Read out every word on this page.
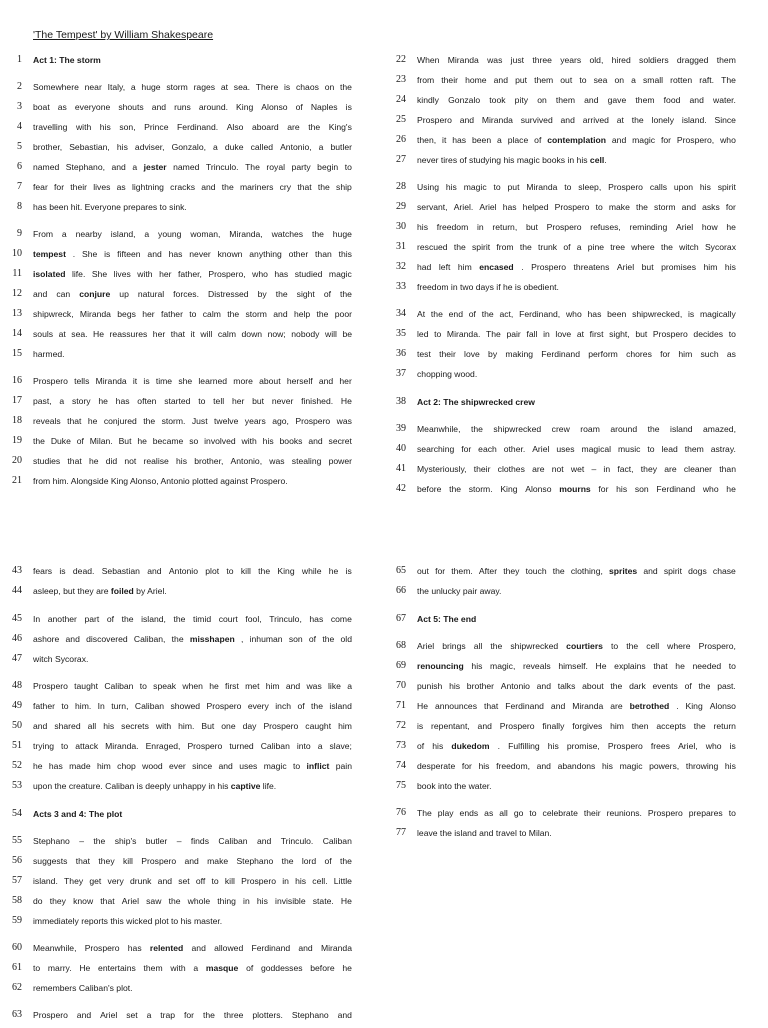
'The Tempest' by William Shakespeare
1 Act 1: The storm
2 Somewhere near Italy, a huge storm rages at sea. There is chaos on the
3 boat as everyone shouts and runs around. King Alonso of Naples is
4 travelling with his son, Prince Ferdinand. Also aboard are the King's
5 brother, Sebastian, his adviser, Gonzalo, a duke called Antonio, a butler
6 named Stephano, and a jester named Trinculo. The royal party begin to
7 fear for their lives as lightning cracks and the mariners cry that the ship
8 has been hit. Everyone prepares to sink.
9 From a nearby island, a young woman, Miranda, watches the huge
10 tempest . She is fifteen and has never known anything other than this
11 isolated life. She lives with her father, Prospero, who has studied magic
12 and can conjure up natural forces. Distressed by the sight of the
13 shipwreck, Miranda begs her father to calm the storm and help the poor
14 souls at sea. He reassures her that it will calm down now; nobody will be
15 harmed.
16 Prospero tells Miranda it is time she learned more about herself and her
17 past, a story he has often started to tell her but never finished. He
18 reveals that he conjured the storm. Just twelve years ago, Prospero was
19 the Duke of Milan. But he became so involved with his books and secret
20 studies that he did not realise his brother, Antonio, was stealing power
21 from him. Alongside King Alonso, Antonio plotted against Prospero.
22 When Miranda was just three years old, hired soldiers dragged them
23 from their home and put them out to sea on a small rotten raft. The
24 kindly Gonzalo took pity on them and gave them food and water.
25 Prospero and Miranda survived and arrived at the lonely island. Since
26 then, it has been a place of contemplation and magic for Prospero, who
27 never tires of studying his magic books in his cell.
28 Using his magic to put Miranda to sleep, Prospero calls upon his spirit
29 servant, Ariel. Ariel has helped Prospero to make the storm and asks for
30 his freedom in return, but Prospero refuses, reminding Ariel how he
31 rescued the spirit from the trunk of a pine tree where the witch Sycorax
32 had left him encased . Prospero threatens Ariel but promises him his
33 freedom in two days if he is obedient.
34 At the end of the act, Ferdinand, who has been shipwrecked, is magically
35 led to Miranda. The pair fall in love at first sight, but Prospero decides to
36 test their love by making Ferdinand perform chores for him such as
37 chopping wood.
38 Act 2: The shipwrecked crew
39 Meanwhile, the shipwrecked crew roam around the island amazed,
40 searching for each other. Ariel uses magical music to lead them astray.
41 Mysteriously, their clothes are not wet – in fact, they are cleaner than
42 before the storm. King Alonso mourns for his son Ferdinand who he
43 fears is dead. Sebastian and Antonio plot to kill the King while he is
44 asleep, but they are foiled by Ariel.
45 In another part of the island, the timid court fool, Trinculo, has come
46 ashore and discovered Caliban, the misshapen , inhuman son of the old
47 witch Sycorax.
48 Prospero taught Caliban to speak when he first met him and was like a
49 father to him. In turn, Caliban showed Prospero every inch of the island
50 and shared all his secrets with him. But one day Prospero caught him
51 trying to attack Miranda. Enraged, Prospero turned Caliban into a slave;
52 he has made him chop wood ever since and uses magic to inflict pain
53 upon the creature. Caliban is deeply unhappy in his captive life.
54 Acts 3 and 4: The plot
55 Stephano – the ship's butler – finds Caliban and Trinculo. Caliban
56 suggests that they kill Prospero and make Stephano the lord of the
57 island. They get very drunk and set off to kill Prospero in his cell. Little
58 do they know that Ariel saw the whole thing in his invisible state. He
59 immediately reports this wicked plot to his master.
60 Meanwhile, Prospero has relented and allowed Ferdinand and Miranda
61 to marry. He entertains them with a masque of goddesses before he
62 remembers Caliban's plot.
63 Prospero and Ariel set a trap for the three plotters. Stephano and
65 out for them. After they touch the clothing, sprites and spirit dogs chase
66 the unlucky pair away.
67 Act 5: The end
68 Ariel brings all the shipwrecked courtiers to the cell where Prospero,
69 renouncing his magic, reveals himself. He explains that he needed to
70 punish his brother Antonio and talks about the dark events of the past.
71 He announces that Ferdinand and Miranda are betrothed . King Alonso
72 is repentant, and Prospero finally forgives him then accepts the return
73 of his dukedom . Fulfilling his promise, Prospero frees Ariel, who is
74 desperate for his freedom, and abandons his magic powers, throwing his
75 book into the water.
76 The play ends as all go to celebrate their reunions. Prospero prepares to
77 leave the island and travel to Milan.
